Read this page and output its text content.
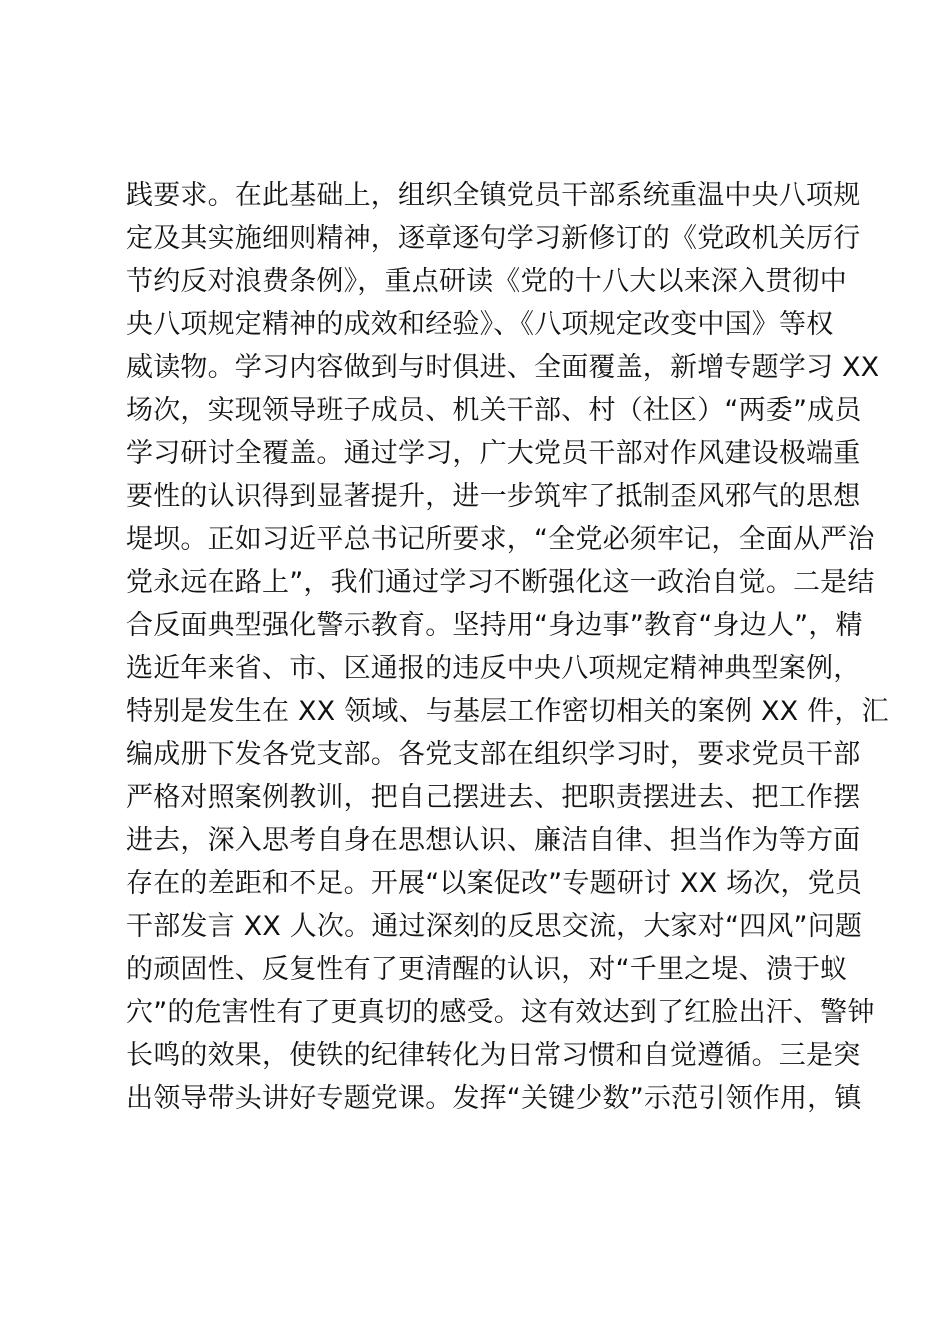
践要求。在此基础上，组织全镇党员干部系统重温中央八项规
定及其实施细则精神，逐章逐句学习新修订的《党政机关厉行
节约反对浪费条例》，重点研读《党的十八大以来深入贯彻中
央八项规定精神的成效和经验》、《八项规定改变中国》等权
威读物。学习内容做到与时俱进、全面覆盖，新增专题学习 XX
场次，实现领导班子成员、机关干部、村（社区）“两委”成员
学习研讨全覆盖。通过学习，广大党员干部对作风建设极端重
要性的认识得到显著提升，进一步筑牢了抵制歪风邪气的思想
堤坝。正如习近平总书记所要求，“全党必须牢记，全面从严治
党永远在路上”，我们通过学习不断强化这一政治自觉。二是结
合反面典型强化警示教育。坚持用“身边事”教育“身边人”，精
选近年来省、市、区通报的违反中央八项规定精神典型案例，
特别是发生在 XX 领域、与基层工作密切相关的案例 XX 件，汇
编成册下发各党支部。各党支部在组织学习时，要求党员干部
严格对照案例教训，把自己摆进去、把职责摆进去、把工作摆
进去，深入思考自身在思想认识、廉洁自律、担当作为等方面
存在的差距和不足。开展“以案促改”专题研讨 XX 场次，党员
干部发言 XX 人次。通过深刻的反思交流，大家对“四风”问题
的顽固性、反复性有了更清醒的认识，对“千里之堤、溃于蚁
穴”的危害性有了更真切的感受。这有效达到了红脸出汗、警钟
长鸣的效果，使铁的纪律转化为日常习惯和自觉遵循。三是突
出领导带头讲好专题党课。发挥“关键少数”示范引领作用，镇
